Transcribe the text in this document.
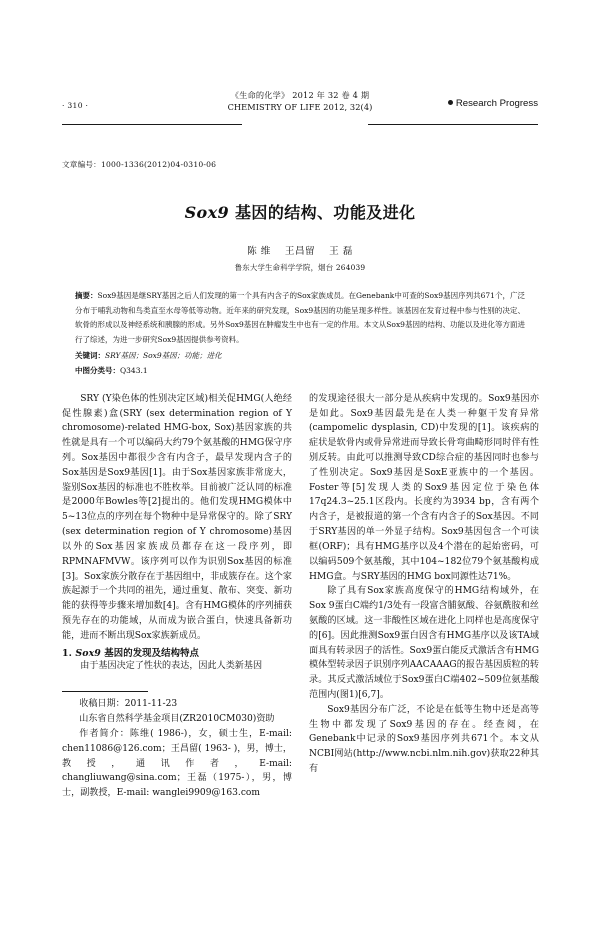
· 310 ·
《生命的化学》 2012 年 32 卷 4 期
CHEMISTRY OF LIFE 2012, 32(4)	Research Progress
文章编号：1000-1336(2012)04-0310-06
Sox9 基因的结构、功能及进化
陈 维 王昌留 王 磊
鲁东大学生命科学学院，烟台 264039
摘要：Sox9基因是继SRY基因之后人们发现的第一个具有内含子的Sox家族成员。在Genebank中可查的Sox9基因序列共671个，广泛分布于哺乳动物和鸟类直至水母等低等动物。近年来的研究发现，Sox9基因的功能呈现多样性。该基因在发育过程中参与性别的决定、软骨的形成以及神经系统和胰腺的形成。另外Sox9基因在肿瘤发生中也有一定的作用。本文从Sox9基因的结构、功能以及进化等方面进行了综述，为进一步研究Sox9基因提供参考资料。
关键词：SRY基因；Sox9基因；功能；进化
中图分类号：Q343.1

SRY (Y染色体的性别决定区域)相关促HMG(人绝经促性腺素)盒(SRY (sex determination region of Y chromosome)-related HMG-box, Sox)基因家族的共性就是具有一个可以编码大约79个氨基酸的HMG保守序列。Sox基因中都很少含有内含子，最早发现内含子的Sox基因是Sox9基因[1]。由于Sox基因家族非常庞大，鉴别Sox基因的标准也不胜枚举。目前被广泛认同的标准是2000年Bowles等[2]提出的。他们发现HMG模体中5~13位点的序列在每个物种中是异常保守的。除了SRY (sex determination region of Y chromosome)基因以外的Sox基因家族成员都存在这一段序列，即RPMNAFMVW。该序列可以作为识别Sox基因的标准[3]。Sox家族分散存在于基因组中，非成簇存在。这个家族起源于一个共同的祖先，通过重复、散布、突变、新功能的获得等步骤来增加数[4]。含有HMG模体的序列捕获预先存在的功能域，从而成为嵌合蛋白，快速具备新功能，进而不断出现Sox家族新成员。

1. Sox9 基因的发现及结构特点

由于基因决定了性状的表达，因此人类新基因

收稿日期：2011-11-23

山东省自然科学基金项目(ZR2010CM030)资助

作者简介：陈维( 1986-)，女，硕士生，E-mail: chen11086@126.com；王昌留( 1963- )，男，博士，教授，通讯作者，E-mail: changliuwang@sina.com；王磊（1975-），男，博士，副教授，E-mail: wanglei9909@163.com

的发现途径很大一部分是从疾病中发现的。Sox9基因亦是如此。Sox9基因最先是在人类一种躯干发育异常(campomelic dysplasin, CD)中发现的[1]。该疾病的症状是软骨内或骨异常进而导致长骨弯曲畸形同时伴有性别反转。由此可以推测导致CD综合症的基因同时也参与了性别决定。Sox9基因是SoxE亚族中的一个基因。Foster等[5]发现人类的Sox9基因定位于染色体17q24.3~25.1区段内。长度约为3934 bp，含有两个内含子，是被报道的第一个含有内含子的Sox基因。不同于SRY基因的单一外显子结构。Sox9基因包含一个可读框(ORF)；具有HMG基序以及4个潜在的起始密码，可以编码509个氨基酸，其中104~182位79个氨基酸构成HMG盒。与SRY基因的HMG box同源性达71%。

除了具有Sox家族高度保守的HMG结构域外，在Sox 9蛋白C端约1/3处有一段富含脯氨酸、谷氨酰胺和丝氨酸的区域。这一非酸性区域在进化上同样也是高度保守的[6]。因此推测Sox9蛋白因含有HMG基序以及该TA域面具有转录因子的活性。Sox9蛋白能反式激活含有HMG模体型转录因子识别序列AACAAAG的报告基因质粒的转录。其反式激活域位于Sox9蛋白C端402~509位氨基酸范围内(图1)[6,7]。

Sox9基因分布广泛，不论是在低等生物中还是高等生物中都发现了Sox9基因的存在。经查阅，在Genebank中记录的Sox9基因序列共671个。本文从NCBI网站(http://www.ncbi.nlm.nih.gov)获取22种其有
